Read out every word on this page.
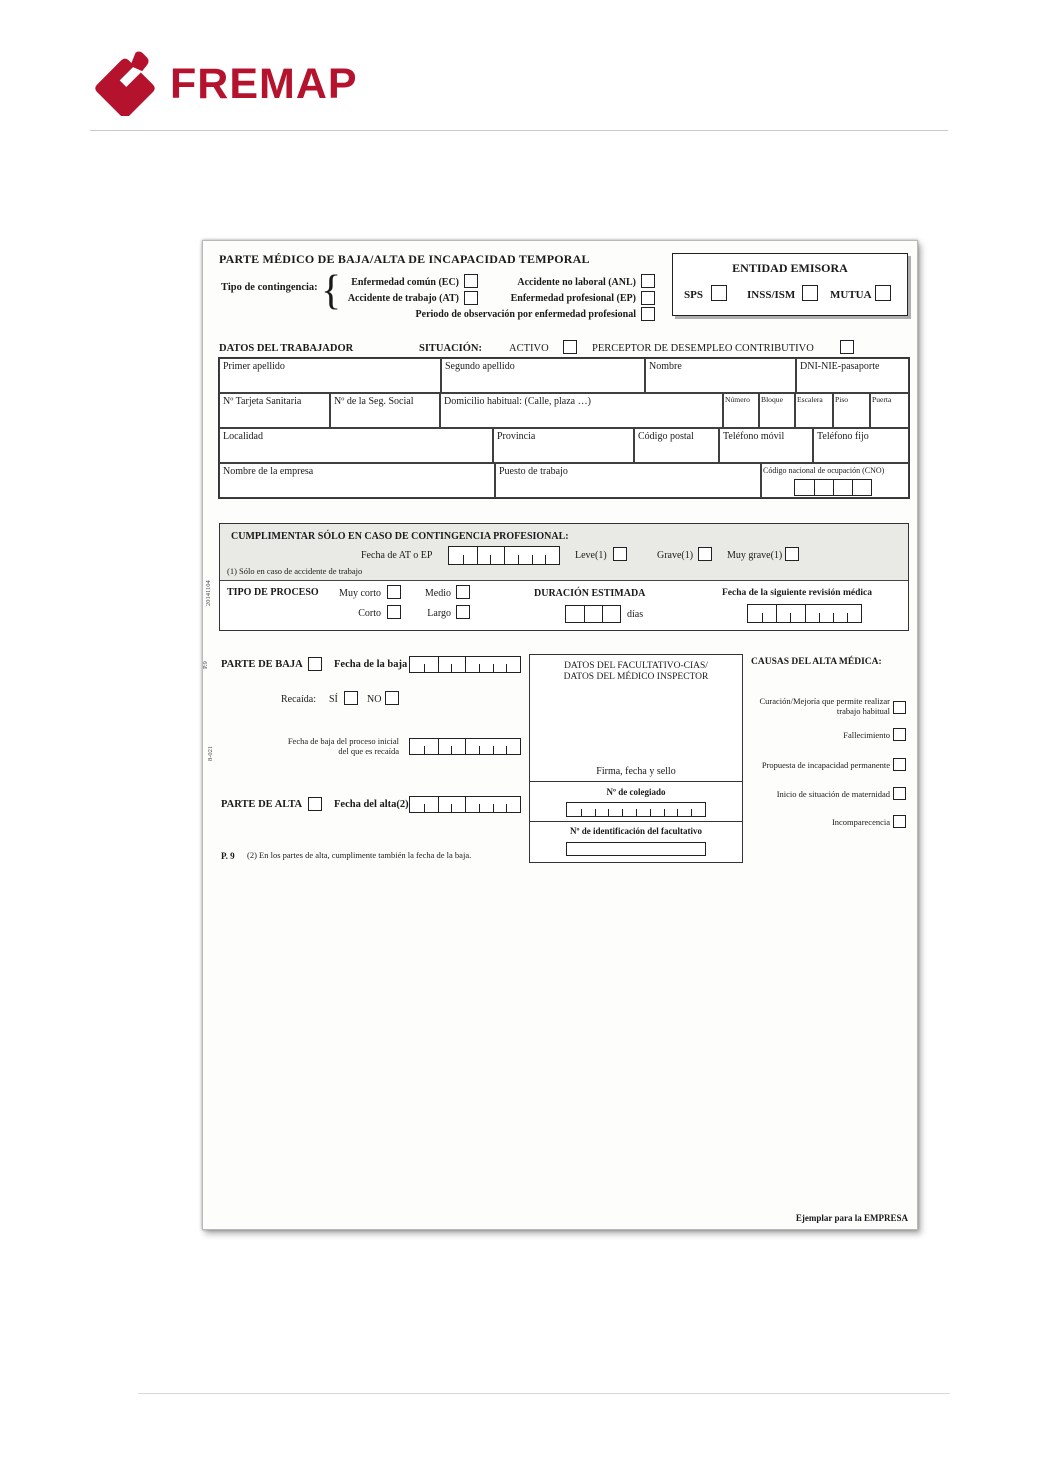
FREMAP
20141104
P.9
8-021
PARTE MÉDICO DE BAJA/ALTA DE INCAPACIDAD TEMPORAL
Tipo de contingencia: {	Enfermedad común (EC)
Accidente de trabajo (AT)
Accidente no laboral (ANL)
Enfermedad profesional (EP)
Periodo de observación por enfermedad profesional
ENTIDAD EMISORA
SPS	INSS/ISM	MUTUA
DATOS DEL TRABAJADOR	SITUACIÓN:	ACTIVO	PERCEPTOR DE DESEMPLEO CONTRIBUTIVO
Primer apellido	Segundo apellido	Nombre	DNI-NIE-pasaporte
Nº Tarjeta Sanitaria	Nº de la Seg. Social	Domicilio habitual: (Calle, plaza …)	Número	Bloque	Escalera	Piso	Puerta
Localidad	Provincia	Código postal	Teléfono móvil	Teléfono fijo
Nombre de la empresa	Puesto de trabajo	Código nacional de ocupación (CNO)
CUMPLIMENTAR SÓLO EN CASO DE CONTINGENCIA PROFESIONAL:
Fecha de AT o EP	Leve(1)	Grave(1)	Muy grave(1)
(1) Sólo en caso de accidente de trabajo
TIPO DE PROCESO	Muy corto	Medio
Corto	Largo
DURACIÓN ESTIMADA
días
Fecha de la siguiente revisión médica
PARTE DE BAJA	Fecha de la baja
Recaída: SÍ	NO
Fecha de baja del proceso inicial
del que es recaída
PARTE DE ALTA	Fecha del alta(2)
P. 9 (2) En los partes de alta, cumplimente también la fecha de la baja.
DATOS DEL FACULTATIVO-CIAS/
DATOS DEL MÉDICO INSPECTOR
Firma, fecha y sello
Nº de colegiado
Nº de identificación del facultativo
CAUSAS DEL ALTA MÉDICA:
Curación/Mejoría que permite realizar
trabajo habitual
Fallecimiento
Propuesta de incapacidad permanente
Inicio de situación de maternidad
Incomparecencia
Ejemplar para la EMPRESA
